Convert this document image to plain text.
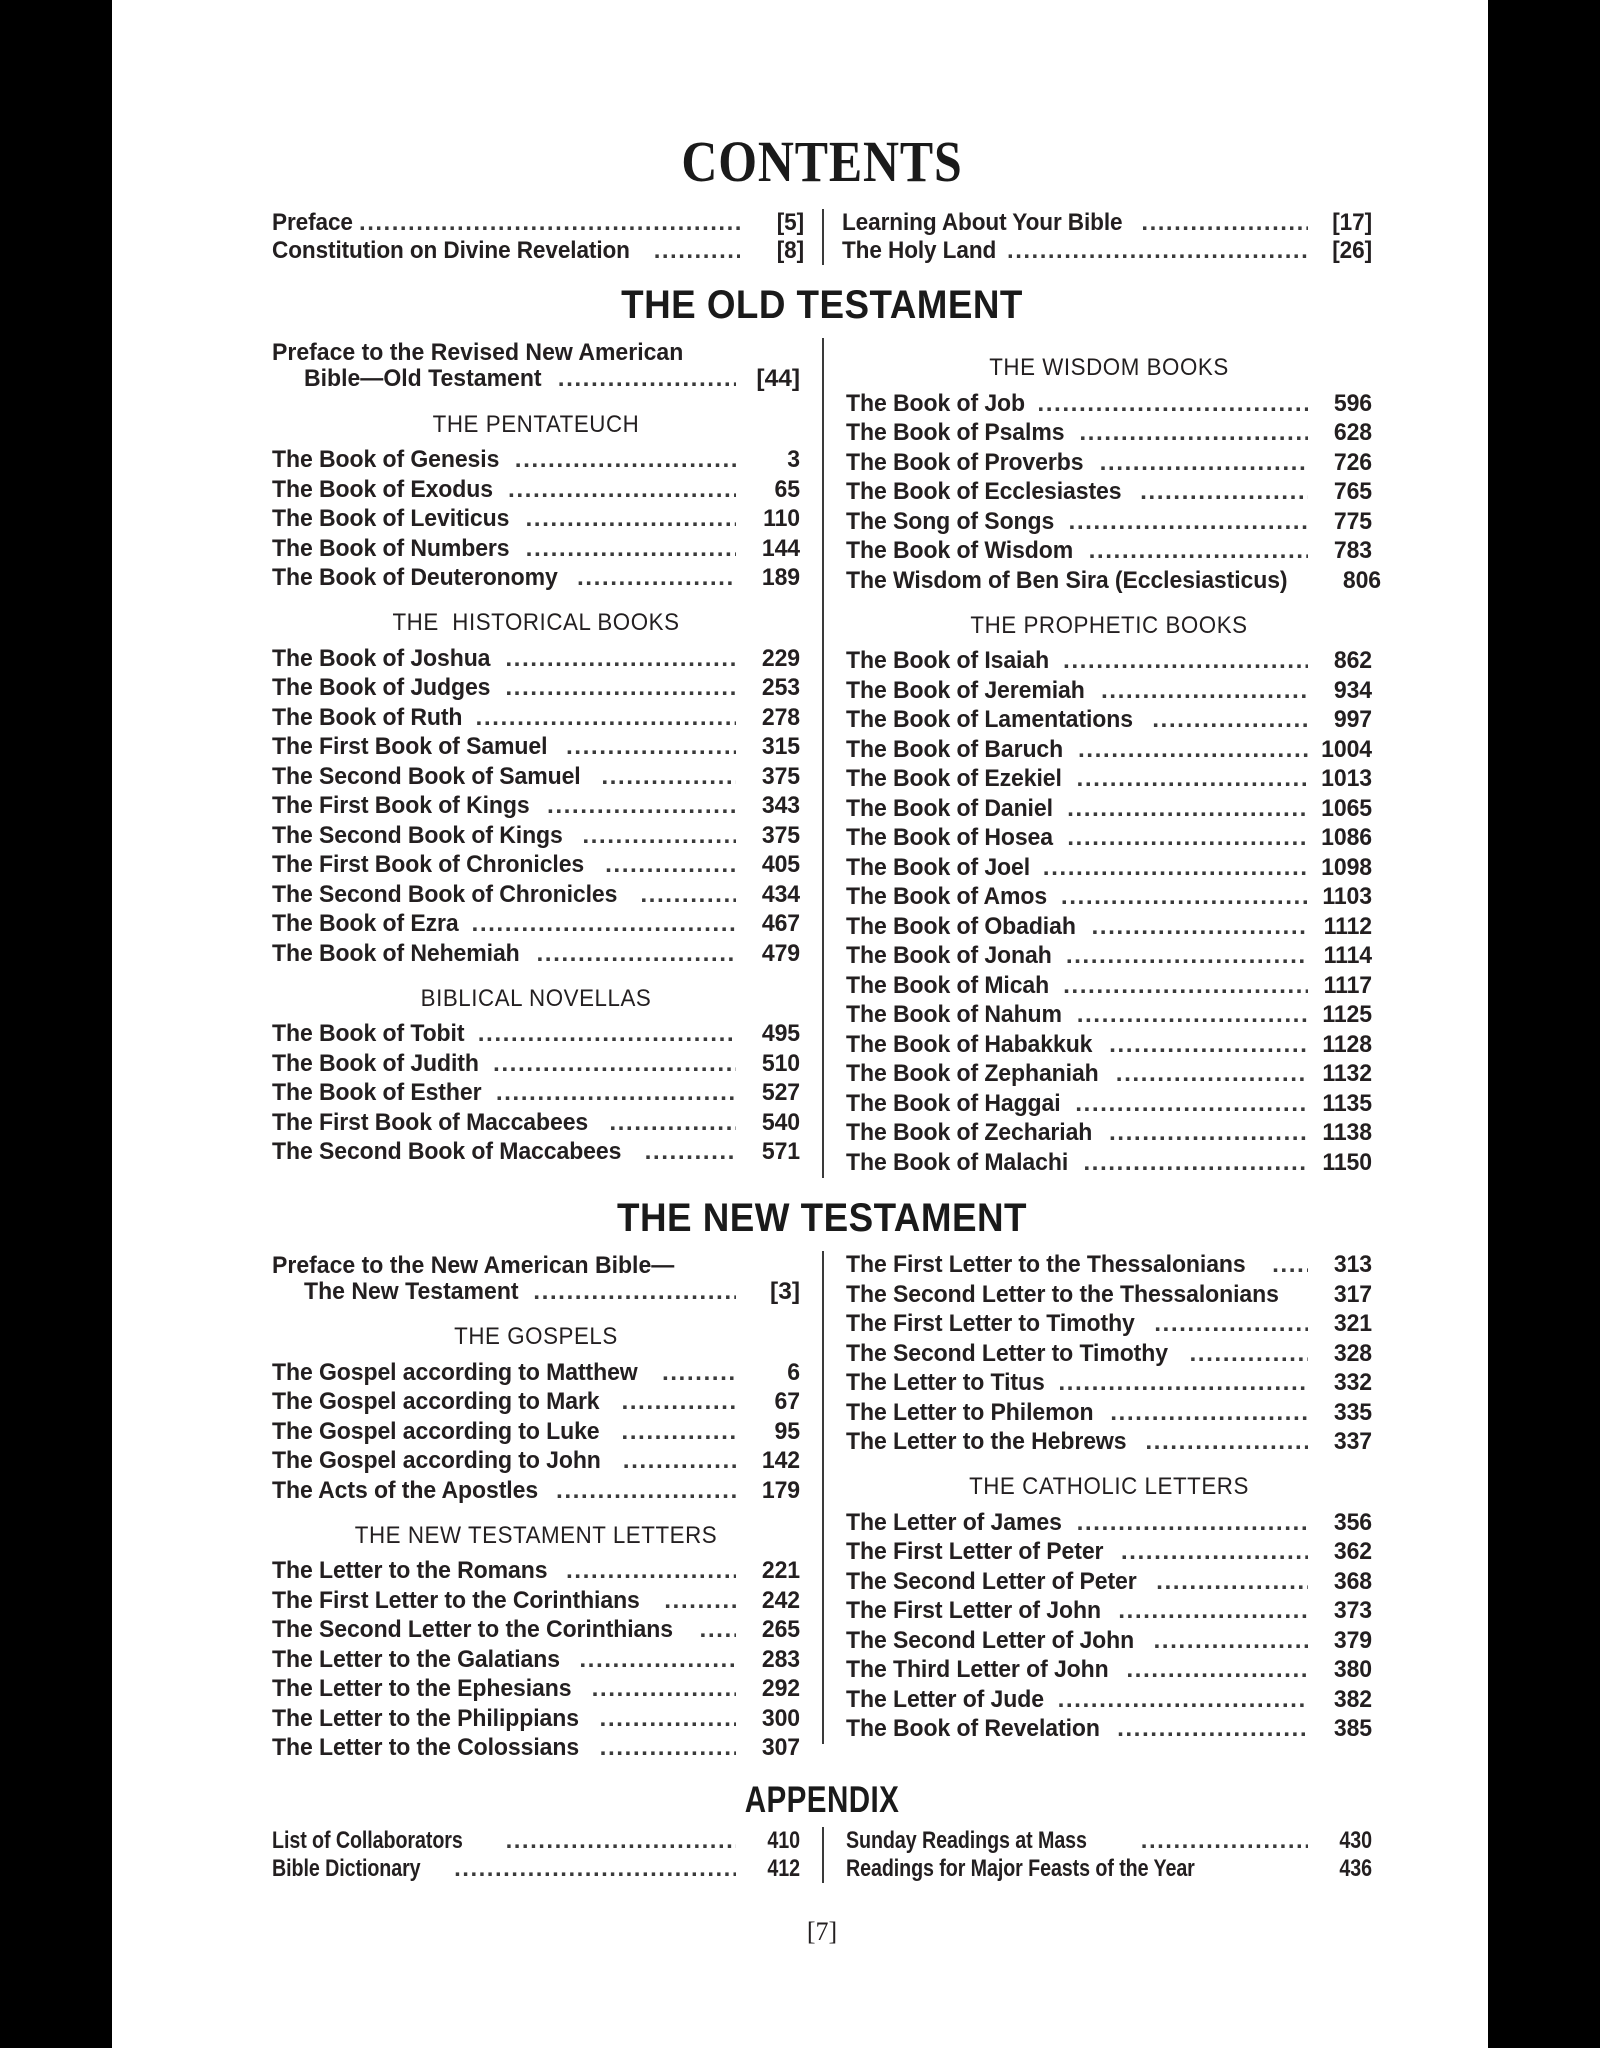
CONTENTS
Preface .....	[5]
Constitution on Divine Revelation .....	[8]
Learning About Your Bible .....	[17]
The Holy Land .....	[26]
THE OLD TESTAMENT
Preface to the Revised New American
Bible—Old Testament .....	[44]
THE PENTATEUCH
The Book of Genesis .....	3
The Book of Exodus .....	65
The Book of Leviticus .....	110
The Book of Numbers .....	144
The Book of Deuteronomy .....	189
THE  HISTORICAL BOOKS
The Book of Joshua .....	229
The Book of Judges .....	253
The Book of Ruth .....	278
The First Book of Samuel .....	315
The Second Book of Samuel .....	375
The First Book of Kings .....	343
The Second Book of Kings .....	375
The First Book of Chronicles .....	405
The Second Book of Chronicles .....	434
The Book of Ezra .....	467
The Book of Nehemiah .....	479
BIBLICAL NOVELLAS
The Book of Tobit .....	495
The Book of Judith .....	510
The Book of Esther .....	527
The First Book of Maccabees .....	540
The Second Book of Maccabees .....	571
THE WISDOM BOOKS
The Book of Job .....	596
The Book of Psalms .....	628
The Book of Proverbs .....	726
The Book of Ecclesiastes .....	765
The Song of Songs .....	775
The Book of Wisdom .....	783
The Wisdom of Ben Sira (Ecclesiasticus)	806
THE PROPHETIC BOOKS
The Book of Isaiah .....	862
The Book of Jeremiah .....	934
The Book of Lamentations .....	997
The Book of Baruch .....	1004
The Book of Ezekiel .....	1013
The Book of Daniel .....	1065
The Book of Hosea .....	1086
The Book of Joel .....	1098
The Book of Amos .....	1103
The Book of Obadiah .....	1112
The Book of Jonah .....	1114
The Book of Micah .....	1117
The Book of Nahum .....	1125
The Book of Habakkuk .....	1128
The Book of Zephaniah .....	1132
The Book of Haggai .....	1135
The Book of Zechariah .....	1138
The Book of Malachi .....	1150
THE NEW TESTAMENT
Preface to the New American Bible—
The New Testament .....	[3]
THE GOSPELS
The Gospel according to Matthew .....	6
The Gospel according to Mark .....	67
The Gospel according to Luke .....	95
The Gospel according to John .....	142
The Acts of the Apostles .....	179
THE NEW TESTAMENT LETTERS
The Letter to the Romans .....	221
The First Letter to the Corinthians .....	242
The Second Letter to the Corinthians .....	265
The Letter to the Galatians .....	283
The Letter to the Ephesians .....	292
The Letter to the Philippians .....	300
The Letter to the Colossians .....	307
The First Letter to the Thessalonians .....	313
The Second Letter to the Thessalonians	317
The First Letter to Timothy .....	321
The Second Letter to Timothy .....	328
The Letter to Titus .....	332
The Letter to Philemon .....	335
The Letter to the Hebrews .....	337
THE CATHOLIC LETTERS
The Letter of James .....	356
The First Letter of Peter .....	362
The Second Letter of Peter .....	368
The First Letter of John .....	373
The Second Letter of John .....	379
The Third Letter of John .....	380
The Letter of Jude .....	382
The Book of Revelation .....	385
APPENDIX
List of Collaborators .....	410
Bible Dictionary .....	412
Sunday Readings at Mass .....	430
Readings for Major Feasts of the Year	436
[7]
